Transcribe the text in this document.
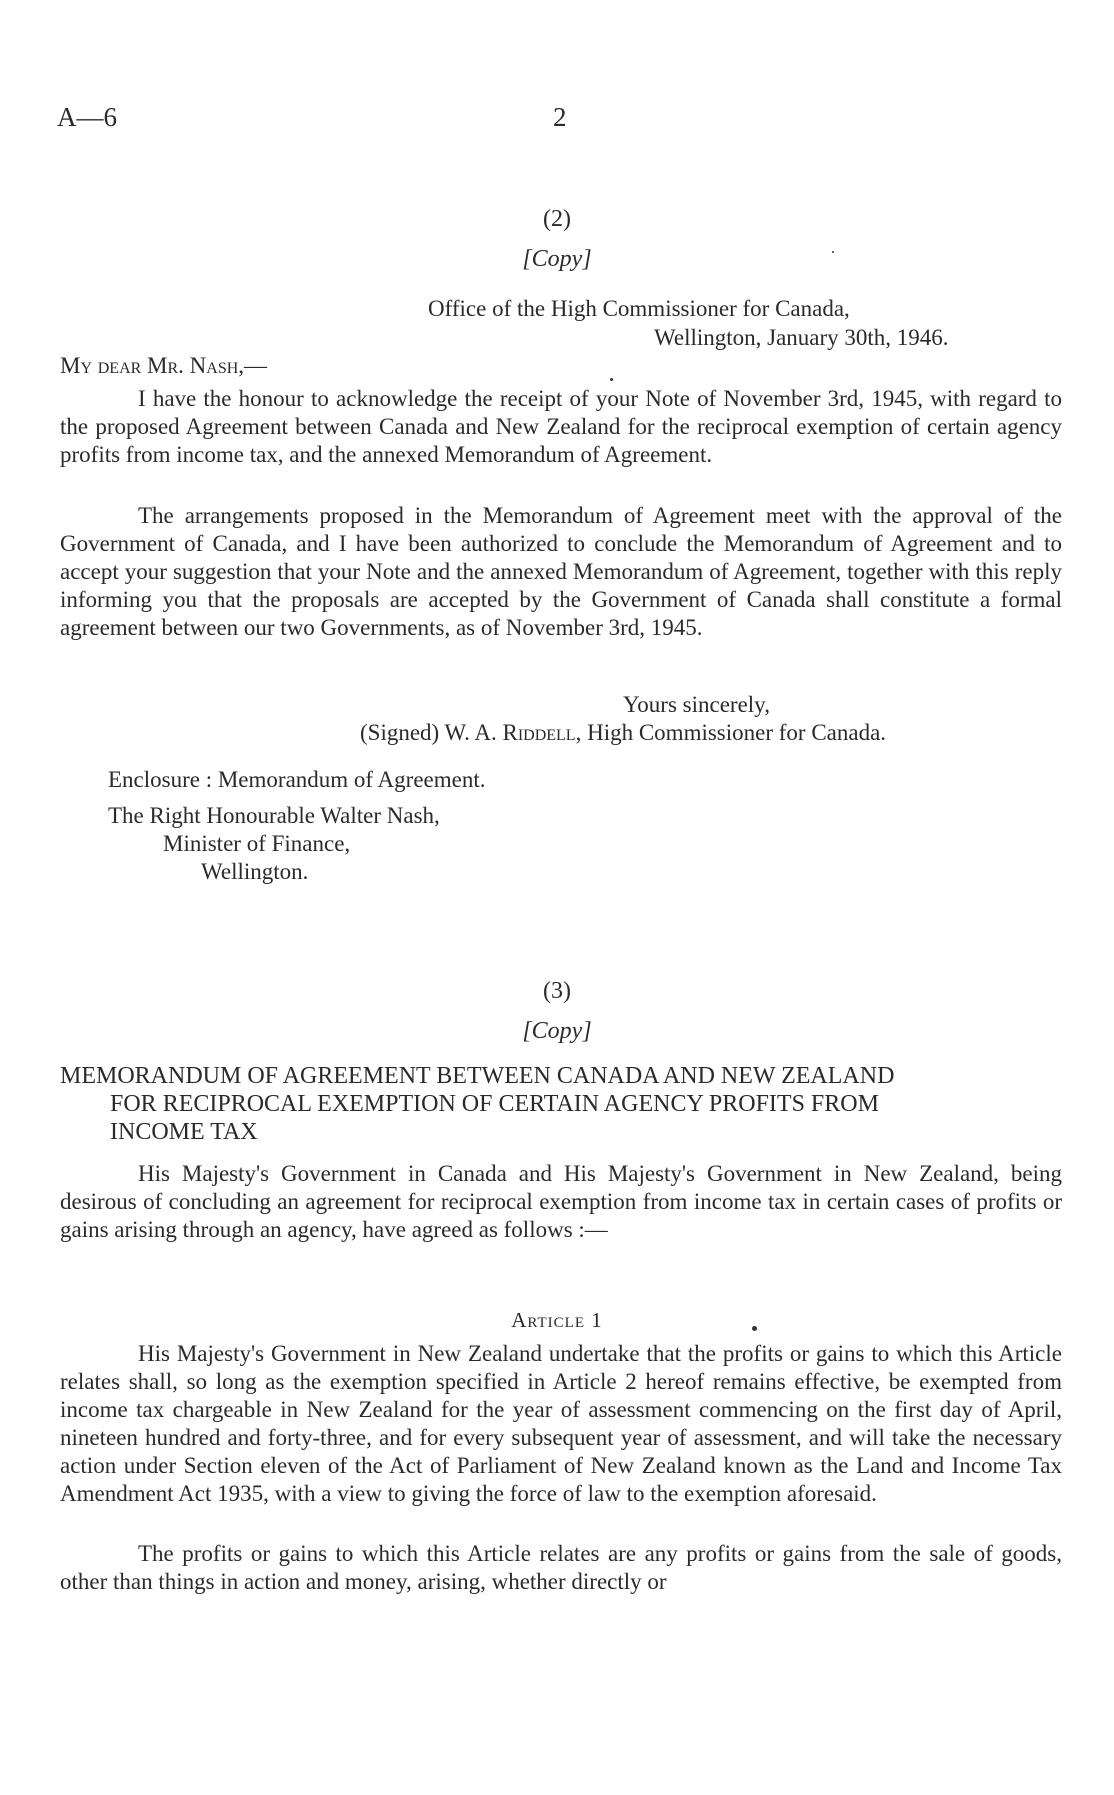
A—6	2
(2)
[Copy]
Office of the High Commissioner for Canada,
Wellington, January 30th, 1946.
My dear Mr. Nash,—

I have the honour to acknowledge the receipt of your Note of November 3rd, 1945, with regard to the proposed Agreement between Canada and New Zealand for the reciprocal exemption of certain agency profits from income tax, and the annexed Memorandum of Agreement.

The arrangements proposed in the Memorandum of Agreement meet with the approval of the Government of Canada, and I have been authorized to conclude the Memorandum of Agreement and to accept your suggestion that your Note and the annexed Memorandum of Agreement, together with this reply informing you that the proposals are accepted by the Government of Canada shall constitute a formal agreement between our two Governments, as of November 3rd, 1945.

Yours sincerely,
(Signed) W. A. Riddell, High Commissioner for Canada.
Enclosure : Memorandum of Agreement.
The Right Honourable Walter Nash,
Minister of Finance,
Wellington.
(3)
[Copy]
MEMORANDUM OF AGREEMENT BETWEEN CANADA AND NEW ZEALAND
FOR RECIPROCAL EXEMPTION OF CERTAIN AGENCY PROFITS FROM
INCOME TAX

His Majesty's Government in Canada and His Majesty's Government in New Zealand, being desirous of concluding an agreement for reciprocal exemption from income tax in certain cases of profits or gains arising through an agency, have agreed as follows :—

Article 1

His Majesty's Government in New Zealand undertake that the profits or gains to which this Article relates shall, so long as the exemption specified in Article 2 hereof remains effective, be exempted from income tax chargeable in New Zealand for the year of assessment commencing on the first day of April, nineteen hundred and forty-three, and for every subsequent year of assessment, and will take the necessary action under Section eleven of the Act of Parliament of New Zealand known as the Land and Income Tax Amendment Act 1935, with a view to giving the force of law to the exemption aforesaid.

The profits or gains to which this Article relates are any profits or gains from the sale of goods, other than things in action and money, arising, whether directly or
